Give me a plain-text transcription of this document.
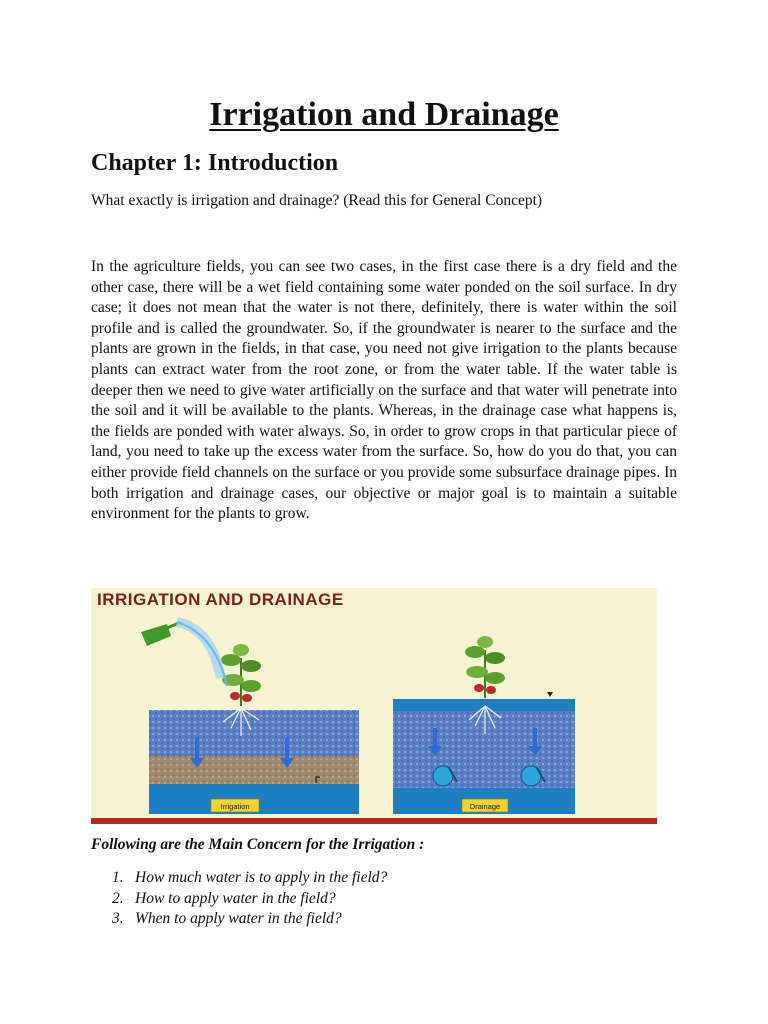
Irrigation and Drainage
Chapter 1: Introduction

What exactly is irrigation and drainage? (Read this for General Concept)

In the agriculture fields, you can see two cases, in the first case there is a dry field and the other case, there will be a wet field containing some water ponded on the soil surface. In dry case; it does not mean that the water is not there, definitely, there is water within the soil profile and is called the groundwater. So, if the groundwater is nearer to the surface and the plants are grown in the fields, in that case, you need not give irrigation to the plants because plants can extract water from the root zone, or from the water table. If the water table is deeper then we need to give water artificially on the surface and that water will penetrate into the soil and it will be available to the plants. Whereas, in the drainage case what happens is, the fields are ponded with water always. So, in order to grow crops in that particular piece of land, you need to take up the excess water from the surface. So, how do you do that, you can either provide field channels on the surface or you provide some subsurface drainage pipes. In both irrigation and drainage cases, our objective or major goal is to maintain a suitable environment for the plants to grow.

IRRIGATION AND DRAINAGE
Irrigation	Drainage

Following are the Main Concern for the Irrigation :

1. How much water is to apply in the field?
2. How to apply water in the field?
3. When to apply water in the field?
